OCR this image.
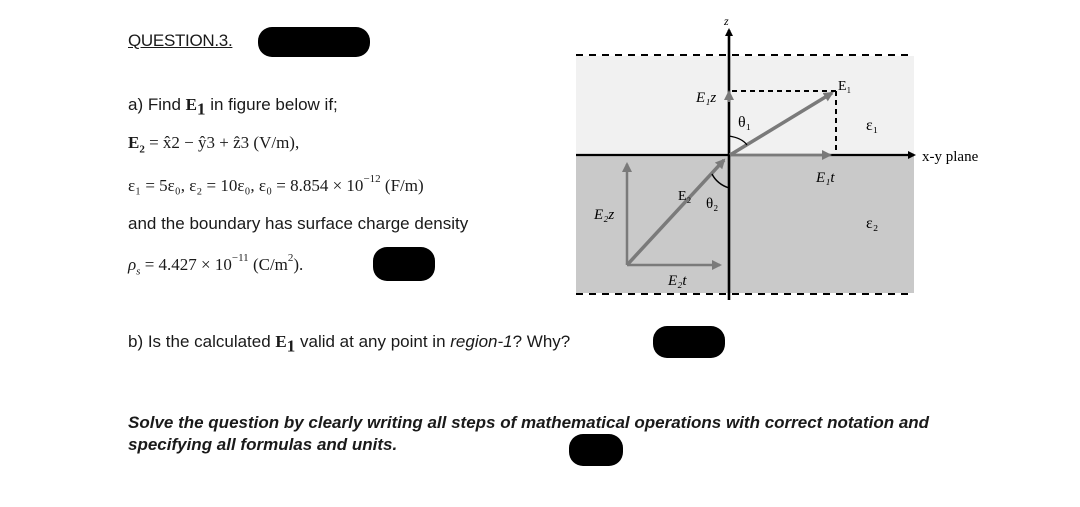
QUESTION.3.
a) Find $E_1$ in figure below if;
$E_2$ = x̂2 − ŷ3 + ẑ3 (V/m),
ε₁ = 5ε₀, ε₂ = 10ε₀, $\varepsilon_0 = 8.854 \times 10^{-12}$ (F/m)
and the boundary has surface charge density
$\rho_s = 4.427 \times 10^{-11}$ $(C/m^2)$.
z
E₁z
E₁
θ₁	ε₁
E₁t
x-y plane
E₂ θ₂
E₂z	ε₂
E₂t
b) Is the calculated $E_1$ valid at any point in region-1? Why?
Solve the question by clearly writing all steps of mathematical operations with correct notation and specifying all formulas and units.
